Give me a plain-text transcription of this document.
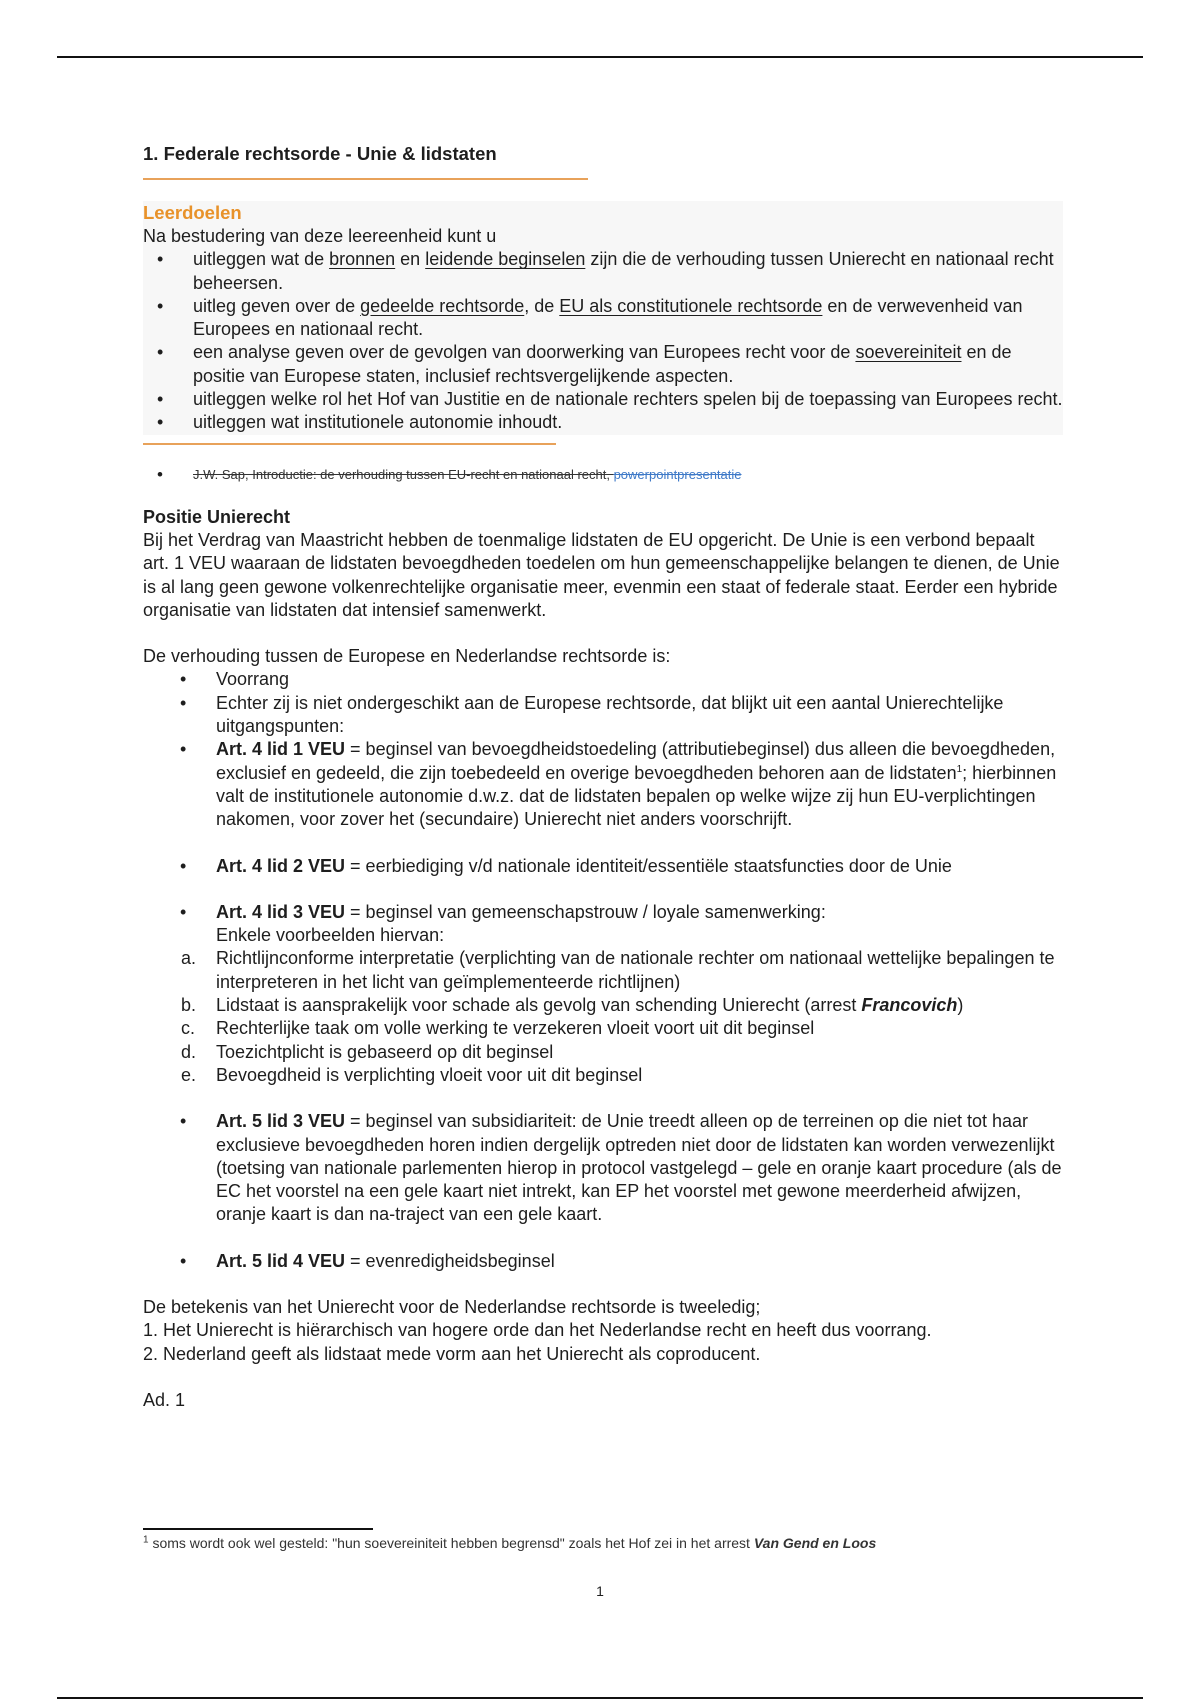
1. Federale rechtsorde - Unie & lidstaten

Leerdoelen

Na bestudering van deze leereenheid kunt u

• uitleggen wat de bronnen en leidende beginselen zijn die de verhouding tussen Unierecht en nationaal recht beheersen.
• uitleg geven over de gedeelde rechtsorde, de EU als constitutionele rechtsorde en de verwevenheid van Europees en nationaal recht.
• een analyse geven over de gevolgen van doorwerking van Europees recht voor de soevereiniteit en de positie van Europese staten, inclusief rechtsvergelijkende aspecten.
• uitleggen welke rol het Hof van Justitie en de nationale rechters spelen bij de toepassing van Europees recht.
• uitleggen wat institutionele autonomie inhoudt.
• J.W. Sap, Introductie: de verhouding tussen EU-recht en nationaal recht, powerpointpresentatie
Positie Unierecht

Bij het Verdrag van Maastricht hebben de toenmalige lidstaten de EU opgericht. De Unie is een verbond bepaalt art. 1 VEU waaraan de lidstaten bevoegdheden toedelen om hun gemeenschappelijke belangen te dienen, de Unie is al lang geen gewone volkenrechtelijke organisatie meer, evenmin een staat of federale staat. Eerder een hybride organisatie van lidstaten dat intensief samenwerkt.

De verhouding tussen de Europese en Nederlandse rechtsorde is:

• Voorrang
• Echter zij is niet ondergeschikt aan de Europese rechtsorde, dat blijkt uit een aantal Unierechtelijke uitgangspunten:
• Art. 4 lid 1 VEU = beginsel van bevoegdheidstoedeling (attributiebeginsel) dus alleen die bevoegdheden, exclusief en gedeeld, die zijn toebedeeld en overige bevoegdheden behoren aan de lidstaten$^1$; hierbinnen valt de institutionele autonomie d.w.z. dat de lidstaten bepalen op welke wijze zij hun EU-verplichtingen nakomen, voor zover het (secundaire) Unierecht niet anders voorschrijft.
• Art. 4 lid 2 VEU = eerbiediging v/d nationale identiteit/essentiële staatsfuncties door de Unie
• Art. 4 lid 3 VEU = beginsel van gemeenschapstrouw / loyale samenwerking:
Enkele voorbeelden hiervan:
a. Richtlijnconforme interpretatie (verplichting van de nationale rechter om nationaal wettelijke bepalingen te interpreteren in het licht van geïmplementeerde richtlijnen)
b. Lidstaat is aansprakelijk voor schade als gevolg van schending Unierecht (arrest Francovich)
c. Rechterlijke taak om volle werking te verzekeren vloeit voort uit dit beginsel
d. Toezichtplicht is gebaseerd op dit beginsel
e. Bevoegdheid is verplichting vloeit voor uit dit beginsel
• Art. 5 lid 3 VEU = beginsel van subsidiariteit: de Unie treedt alleen op de terreinen op die niet tot haar exclusieve bevoegdheden horen indien dergelijk optreden niet door de lidstaten kan worden verwezenlijkt (toetsing van nationale parlementen hierop in protocol vastgelegd – gele en oranje kaart procedure (als de EC het voorstel na een gele kaart niet intrekt, kan EP het voorstel met gewone meerderheid afwijzen, oranje kaart is dan na-traject van een gele kaart.
• Art. 5 lid 4 VEU = evenredigheidsbeginsel

De betekenis van het Unierecht voor de Nederlandse rechtsorde is tweeledig;

1. Het Unierecht is hiërarchisch van hogere orde dan het Nederlandse recht en heeft dus voorrang.

2. Nederland geeft als lidstaat mede vorm aan het Unierecht als coproducent.

Ad. 1

$^1$ soms wordt ook wel gesteld: "hun soevereiniteit hebben begrensd" zoals het Hof zei in het arrest Van Gend en Loos
1
